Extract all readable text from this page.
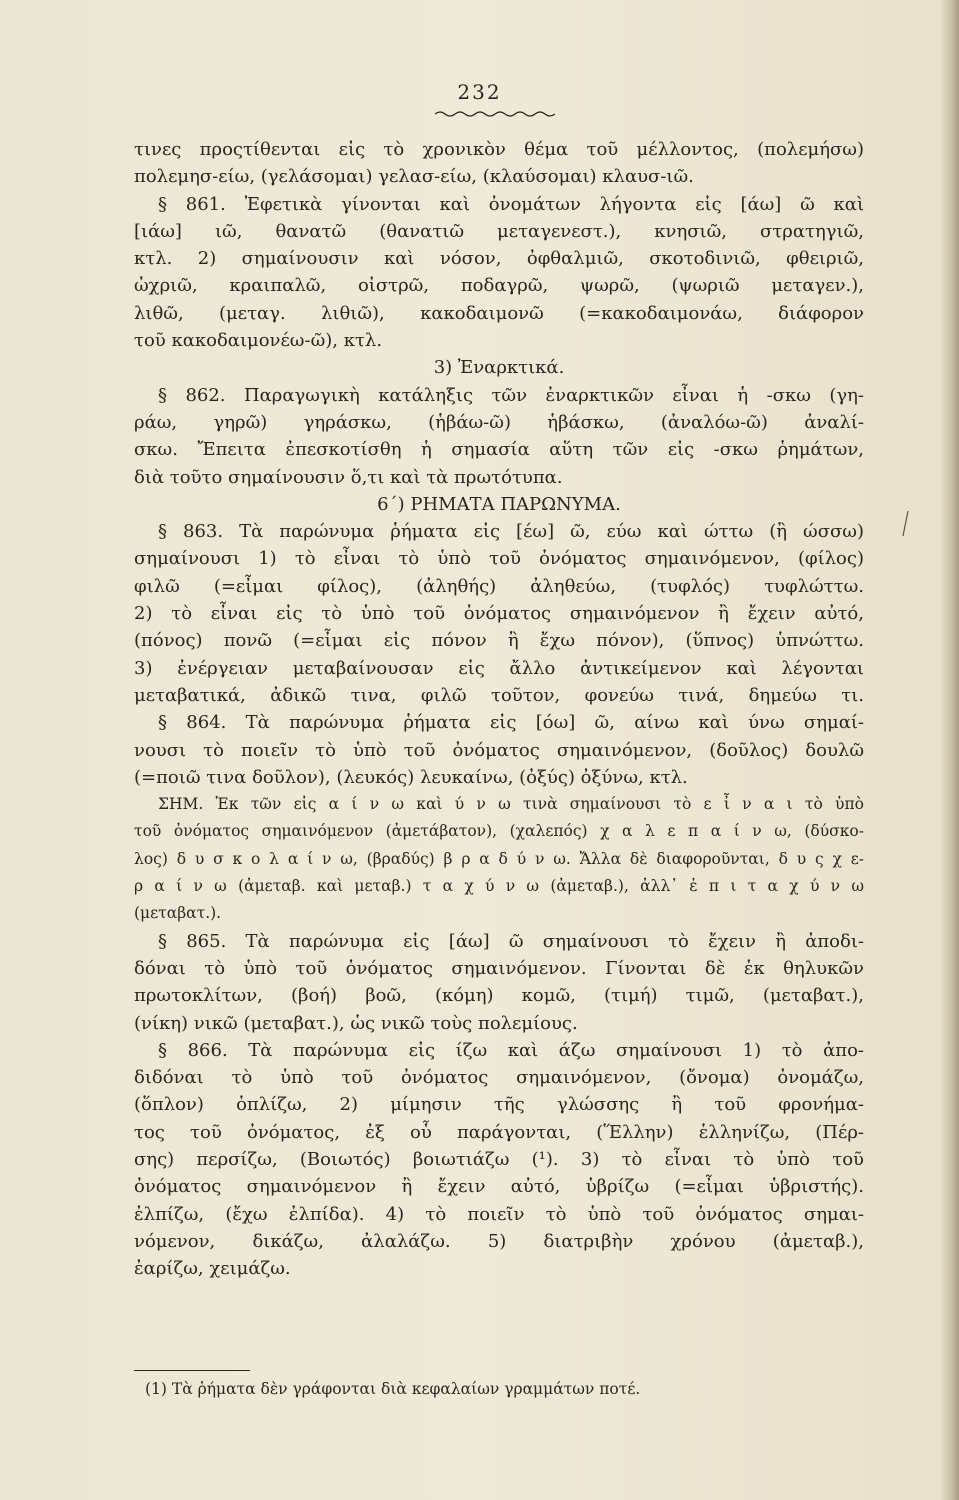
232
τινες προςτίθενται εἰς τὸ χρονικὸν θέμα τοῦ μέλλοντος, (πολεμήσω)
πολεμησ-είω, (γελάσομαι) γελασ-είω, (κλαύσομαι) κλαυσ-ιῶ.
§ 861. Ἐφετικὰ γίνονται καὶ ὀνομάτων λήγοντα εἰς [άω] ῶ καὶ
[ιάω] ιῶ, θανατῶ (θανατιῶ μεταγενεστ.), κνησιῶ, στρατηγιῶ,
κτλ. 2) σημαίνουσιν καὶ νόσον, ὀφθαλμιῶ, σκοτοδινιῶ, φθειριῶ,
ὠχριῶ, κραιπαλῶ, οἰστρῶ, ποδαγρῶ, ψωρῶ, (ψωριῶ μεταγεν.),
λιθῶ, (μεταγ. λιθιῶ), κακοδαιμονῶ (=κακοδαιμονάω, διάφορον
τοῦ κακοδαιμονέω-ῶ), κτλ.
3) Ἐναρκτικά.
§ 862. Παραγωγικὴ κατάληξις τῶν ἐναρκτικῶν εἶναι ἡ -σκω (γη-
ράω, γηρῶ) γηράσκω, (ἡβάω-ῶ) ἡβάσκω, (ἀναλόω-ῶ) ἀναλί-
σκω. Ἔπειτα ἐπεσκοτίσθη ἡ σημασία αὕτη τῶν εἰς -σκω ῥημάτων,
διὰ τοῦτο σημαίνουσιν ὅ,τι καὶ τὰ πρωτότυπα.
6΄) ΡΗΜΑΤΑ ΠΑΡΩΝΥΜΑ.
§ 863. Τὰ παρώνυμα ῥήματα εἰς [έω] ῶ, εύω καὶ ώττω (ἢ ώσσω)
σημαίνουσι 1) τὸ εἶναι τὸ ὑπὸ τοῦ ὀνόματος σημαινόμενον, (φίλος)
φιλῶ (=εἶμαι φίλος), (ἀληθής) ἀληθεύω, (τυφλός) τυφλώττω.
2) τὸ εἶναι εἰς τὸ ὑπὸ τοῦ ὀνόματος σημαινόμενον ἢ ἔχειν αὐτό,
(πόνος) πονῶ (=εἶμαι εἰς πόνον ἢ ἔχω πόνον), (ὕπνος) ὑπνώττω.
3) ἐνέργειαν μεταβαίνουσαν εἰς ἄλλο ἀντικείμενον καὶ λέγονται
μεταβατικά, ἀδικῶ τινα, φιλῶ τοῦτον, φονεύω τινά, δημεύω τι.
§ 864. Τὰ παρώνυμα ῥήματα εἰς [όω] ῶ, αίνω καὶ ύνω σημαί-
νουσι τὸ ποιεῖν τὸ ὑπὸ τοῦ ὀνόματος σημαινόμενον, (δοῦλος) δουλῶ
(=ποιῶ τινα δοῦλον), (λευκός) λευκαίνω, (ὀξύς) ὀξύνω, κτλ.
ΣΗΜ. Ἐκ τῶν εἰς α ί ν ω καὶ ύ ν ω τινὰ σημαίνουσι τὸ ε ἶ ν α ι τὸ ὑπὸ
τοῦ ὀνόματος σημαινόμενον (ἀμετάβατον), (χαλεπός) χ α λ ε π α ί ν ω, (δύσκο-
λος) δ υ σ κ ο λ α ί ν ω, (βραδύς) β ρ α δ ύ ν ω. Ἄλλα δὲ διαφοροῦνται, δ υ ς χ ε-
ρ α ί ν ω (ἀμεταβ. καὶ μεταβ.) τ α χ ύ ν ω (ἀμεταβ.), ἀλλ᾽ ἐ π ι τ α χ ύ ν ω
(μεταβατ.).
§ 865. Τὰ παρώνυμα εἰς [άω] ῶ σημαίνουσι τὸ ἔχειν ἢ ἀποδι-
δόναι τὸ ὑπὸ τοῦ ὀνόματος σημαινόμενον. Γίνονται δὲ ἐκ θηλυκῶν
πρωτοκλίτων, (βοή) βοῶ, (κόμη) κομῶ, (τιμή) τιμῶ, (μεταβατ.),
(νίκη) νικῶ (μεταβατ.), ὡς νικῶ τοὺς πολεμίους.
§ 866. Τὰ παρώνυμα εἰς ίζω καὶ άζω σημαίνουσι 1) τὸ ἀπο-
διδόναι τὸ ὑπὸ τοῦ ὀνόματος σημαινόμενον, (ὄνομα) ὀνομάζω,
(ὅπλον) ὁπλίζω, 2) μίμησιν τῆς γλώσσης ἢ τοῦ φρονήμα-
τος τοῦ ὀνόματος, ἐξ οὗ παράγονται, (Ἕλλην) ἑλληνίζω, (Πέρ-
σης) περσίζω, (Βοιωτός) βοιωτιάζω (¹). 3) τὸ εἶναι τὸ ὑπὸ τοῦ
ὀνόματος σημαινόμενον ἢ ἔχειν αὐτό, ὑβρίζω (=εἶμαι ὑβριστής).
ἐλπίζω, (ἔχω ἐλπίδα). 4) τὸ ποιεῖν τὸ ὑπὸ τοῦ ὀνόματος σημαι-
νόμενον, δικάζω, ἀλαλάζω. 5) διατριβὴν χρόνου (ἀμεταβ.),
ἐαρίζω, χειμάζω.
(1) Τὰ ῥήματα δὲν γράφονται διὰ κεφαλαίων γραμμάτων ποτέ.
